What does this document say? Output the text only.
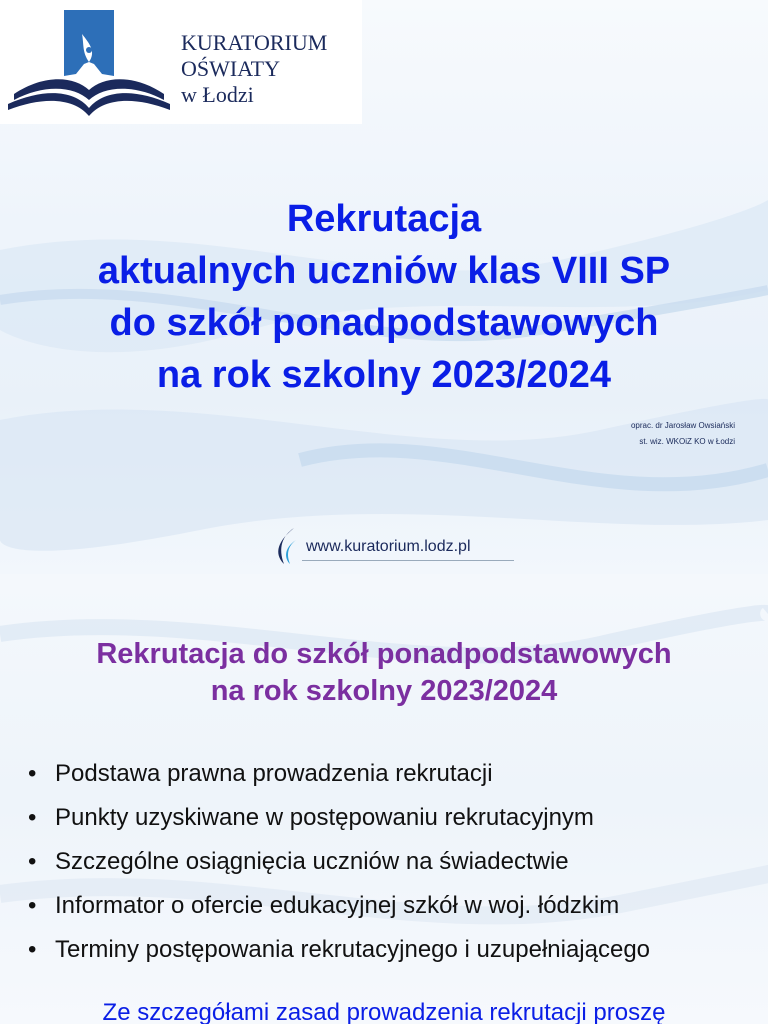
KURATORIUM
OŚWIATY
w Łodzi
Rekrutacja
aktualnych uczniów klas VIII SP
do szkół ponadpodstawowych
na rok szkolny 2023/2024
oprac. dr Jarosław Owsiański
st. wiz. WKOiZ KO w Łodzi
www.kuratorium.lodz.pl
Rekrutacja do szkół ponadpodstawowych
na rok szkolny 2023/2024
• Podstawa prawna prowadzenia rekrutacji
• Punkty uzyskiwane w postępowaniu rekrutacyjnym
• Szczególne osiągnięcia uczniów na świadectwie
• Informator o ofercie edukacyjnej szkół w woj. łódzkim
• Terminy postępowania rekrutacyjnego i uzupełniającego
Ze szczegółami zasad prowadzenia rekrutacji proszę
